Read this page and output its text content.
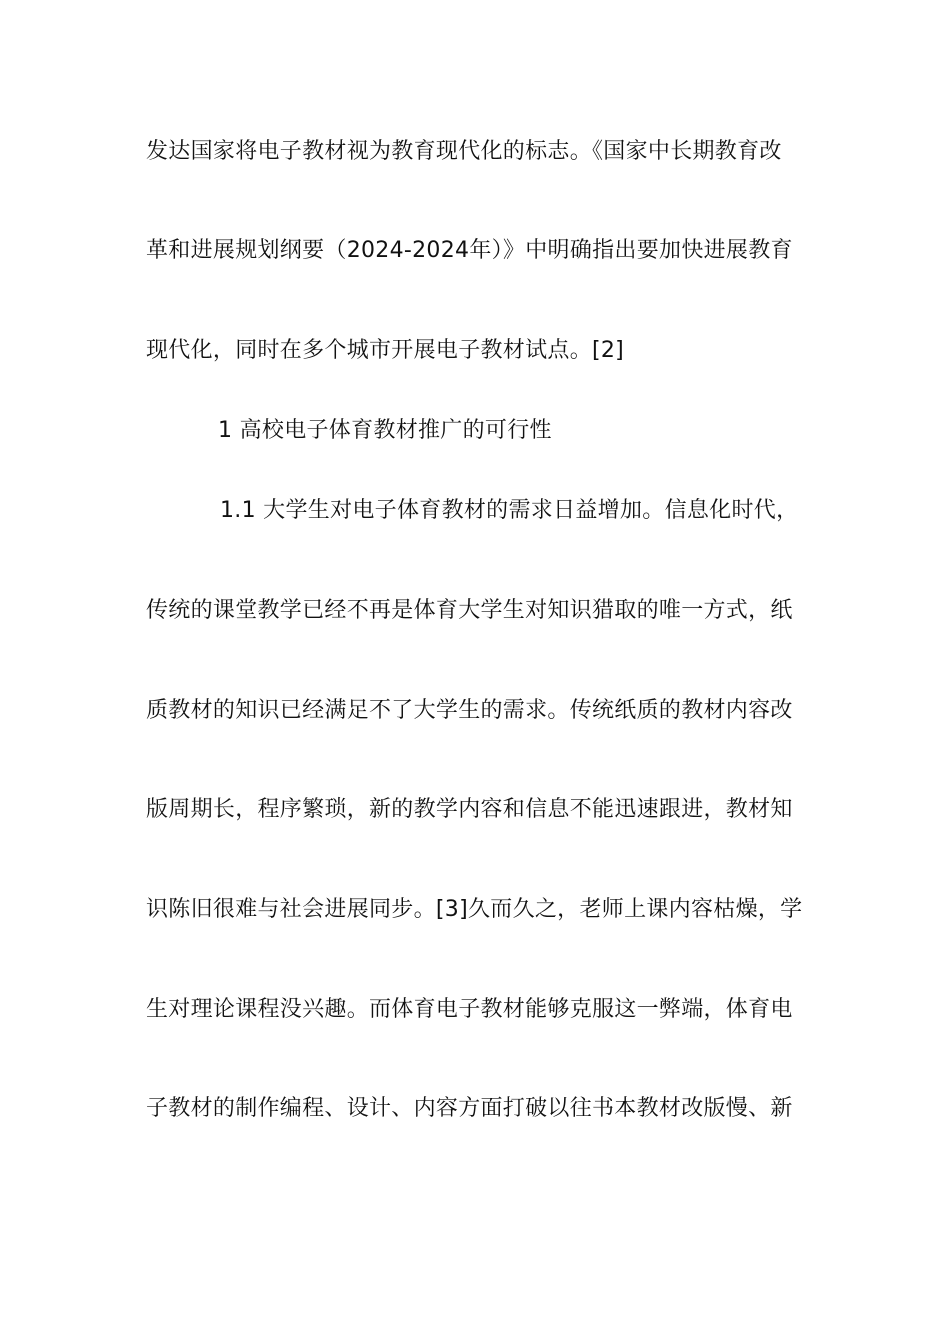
发达国家将电子教材视为教育现代化的标志。《国家中长期教育改
革和进展规划纲要（2024-2024年）》中明确指出要加快进展教育
现代化，同时在多个城市开展电子教材试点。[2]
1 高校电子体育教材推广的可行性
1.1 大学生对电子体育教材的需求日益增加。信息化时代，
传统的课堂教学已经不再是体育大学生对知识猎取的唯一方式，纸
质教材的知识已经满足不了大学生的需求。传统纸质的教材内容改
版周期长，程序繁琐，新的教学内容和信息不能迅速跟进，教材知
识陈旧很难与社会进展同步。[3]久而久之，老师上课内容枯燥，学
生对理论课程没兴趣。而体育电子教材能够克服这一弊端，体育电
子教材的制作编程、设计、内容方面打破以往书本教材改版慢、新
